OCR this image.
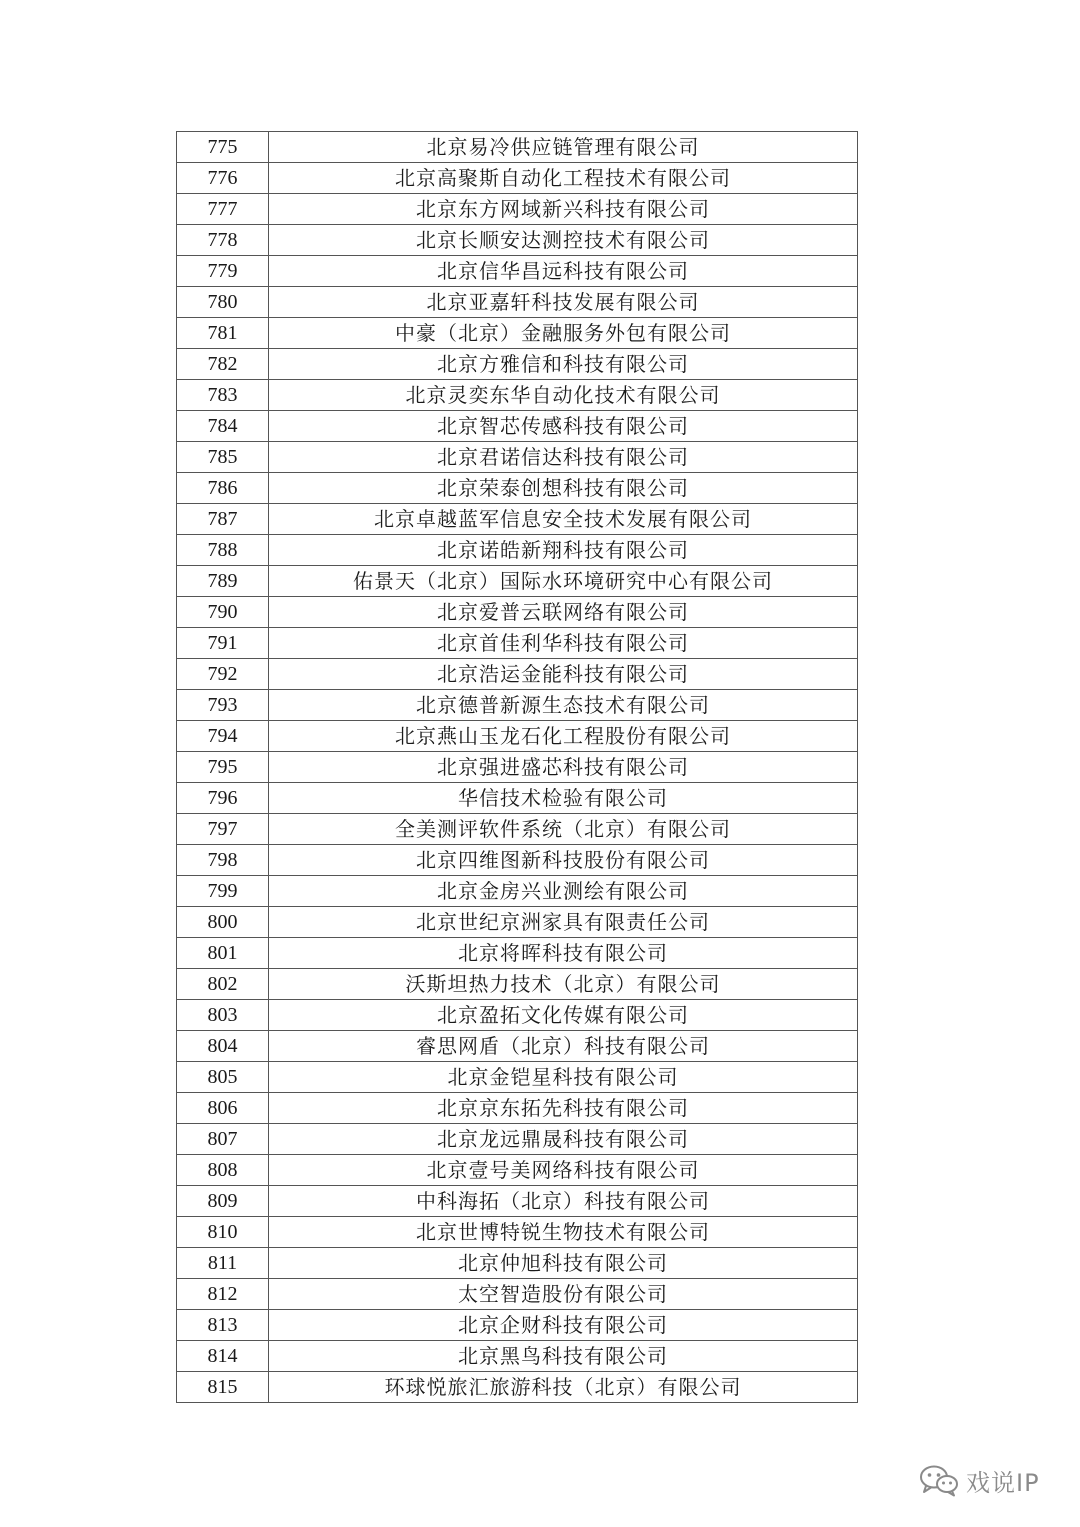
775	北京易冷供应链管理有限公司
776	北京高聚斯自动化工程技术有限公司
777	北京东方网域新兴科技有限公司
778	北京长顺安达测控技术有限公司
779	北京信华昌远科技有限公司
780	北京亚嘉轩科技发展有限公司
781	中豪（北京）金融服务外包有限公司
782	北京方雅信和科技有限公司
783	北京灵奕东华自动化技术有限公司
784	北京智芯传感科技有限公司
785	北京君诺信达科技有限公司
786	北京荣泰创想科技有限公司
787	北京卓越蓝军信息安全技术发展有限公司
788	北京诺皓新翔科技有限公司
789	佑景天（北京）国际水环境研究中心有限公司
790	北京爱普云联网络有限公司
791	北京首佳利华科技有限公司
792	北京浩运金能科技有限公司
793	北京德普新源生态技术有限公司
794	北京燕山玉龙石化工程股份有限公司
795	北京强进盛芯科技有限公司
796	华信技术检验有限公司
797	全美测评软件系统（北京）有限公司
798	北京四维图新科技股份有限公司
799	北京金房兴业测绘有限公司
800	北京世纪京洲家具有限责任公司
801	北京将晖科技有限公司
802	沃斯坦热力技术（北京）有限公司
803	北京盈拓文化传媒有限公司
804	睿思网盾（北京）科技有限公司
805	北京金铠星科技有限公司
806	北京京东拓先科技有限公司
807	北京龙远鼎晟科技有限公司
808	北京壹号美网络科技有限公司
809	中科海拓（北京）科技有限公司
810	北京世博特锐生物技术有限公司
811	北京仲旭科技有限公司
812	太空智造股份有限公司
813	北京企财科技有限公司
814	北京黑鸟科技有限公司
815	环球悦旅汇旅游科技（北京）有限公司
戏说IP
